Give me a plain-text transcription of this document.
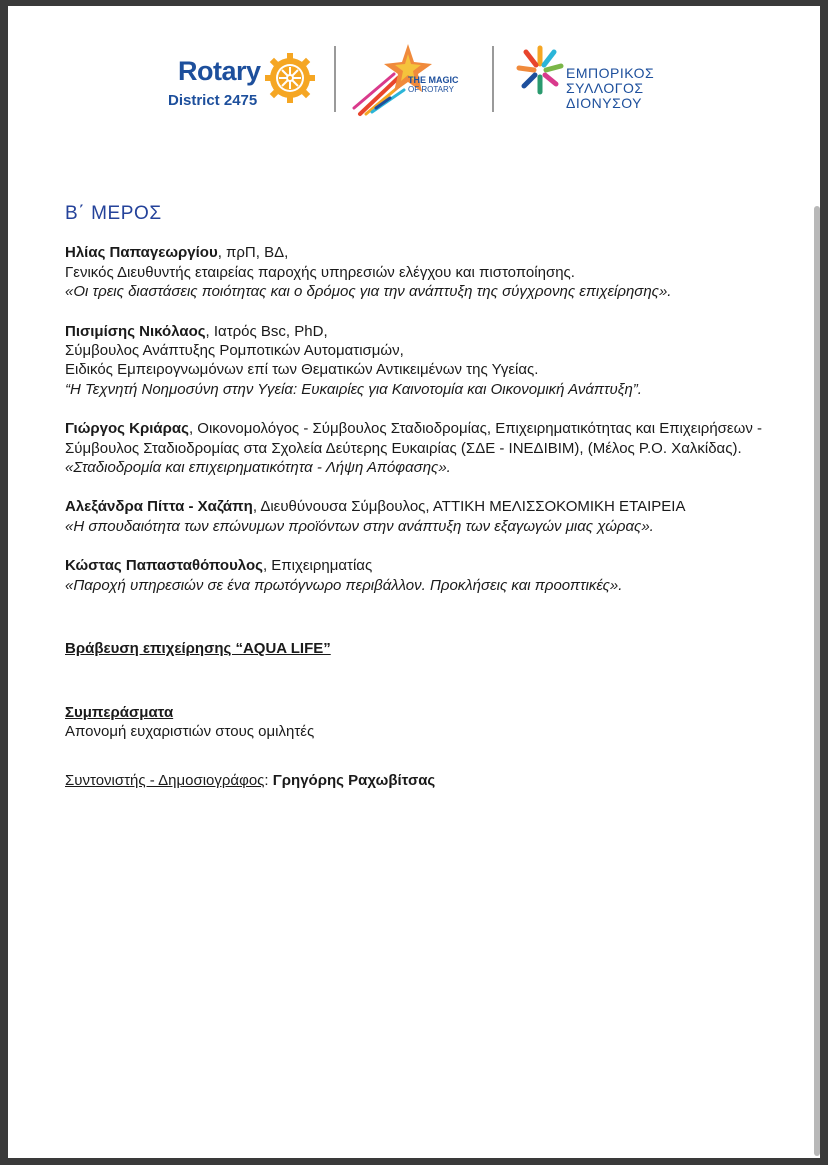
Rotary
District 2475
THE MAGIC
OF ROTARY
ΕΜΠΟΡΙΚΟΣ
ΣΥΛΛΟΓΟΣ
ΔΙΟΝΥΣΟΥ
Β΄ ΜΕΡΟΣ

Ηλίας Παπαγεωργίου, πρΠ, ΒΔ,

Γενικός Διευθυντής εταιρείας παροχής υπηρεσιών ελέγχου και πιστοποίησης.

«Οι τρεις διαστάσεις ποιότητας και ο δρόμος για την ανάπτυξη της σύγχρονης επιχείρησης».

Πισιμίσης Νικόλαος, Ιατρός Bsc, PhD,

Σύμβουλος Ανάπτυξης Ρομποτικών Αυτοματισμών,

Ειδικός Εμπειρογνωμόνων επί των Θεματικών Αντικειμένων της Υγείας.

“Η Τεχνητή Νοημοσύνη στην Υγεία: Ευκαιρίες για Καινοτομία και Οικονομική Ανάπτυξη”.

Γιώργος Κριάρας, Οικονομολόγος - Σύμβουλος Σταδιοδρομίας, Επιχειρηματικότητας και Επιχειρήσεων - Σύμβουλος Σταδιοδρομίας στα Σχολεία Δεύτερης Ευκαιρίας (ΣΔΕ - ΙΝΕΔΙΒΙΜ), (Μέλος Ρ.Ο. Χαλκίδας).

«Σταδιοδρομία και επιχειρηματικότητα - Λήψη Απόφασης».

Αλεξάνδρα Πίττα - Χαζάπη, Διευθύνουσα Σύμβουλος, ΑΤΤΙΚΗ ΜΕΛΙΣΣΟΚΟΜΙΚΗ ΕΤΑΙΡΕΙΑ

«Η σπουδαιότητα των επώνυμων προϊόντων στην ανάπτυξη των εξαγωγών μιας χώρας».

Κώστας Παπασταθόπουλος, Επιχειρηματίας

«Παροχή υπηρεσιών σε ένα πρωτόγνωρο περιβάλλον. Προκλήσεις και προοπτικές».

Βράβευση επιχείρησης “AQUA LIFE”

Συμπεράσματα

Απονομή ευχαριστιών στους ομιλητές

Συντονιστής - Δημοσιογράφος: Γρηγόρης Ραχωβίτσας
